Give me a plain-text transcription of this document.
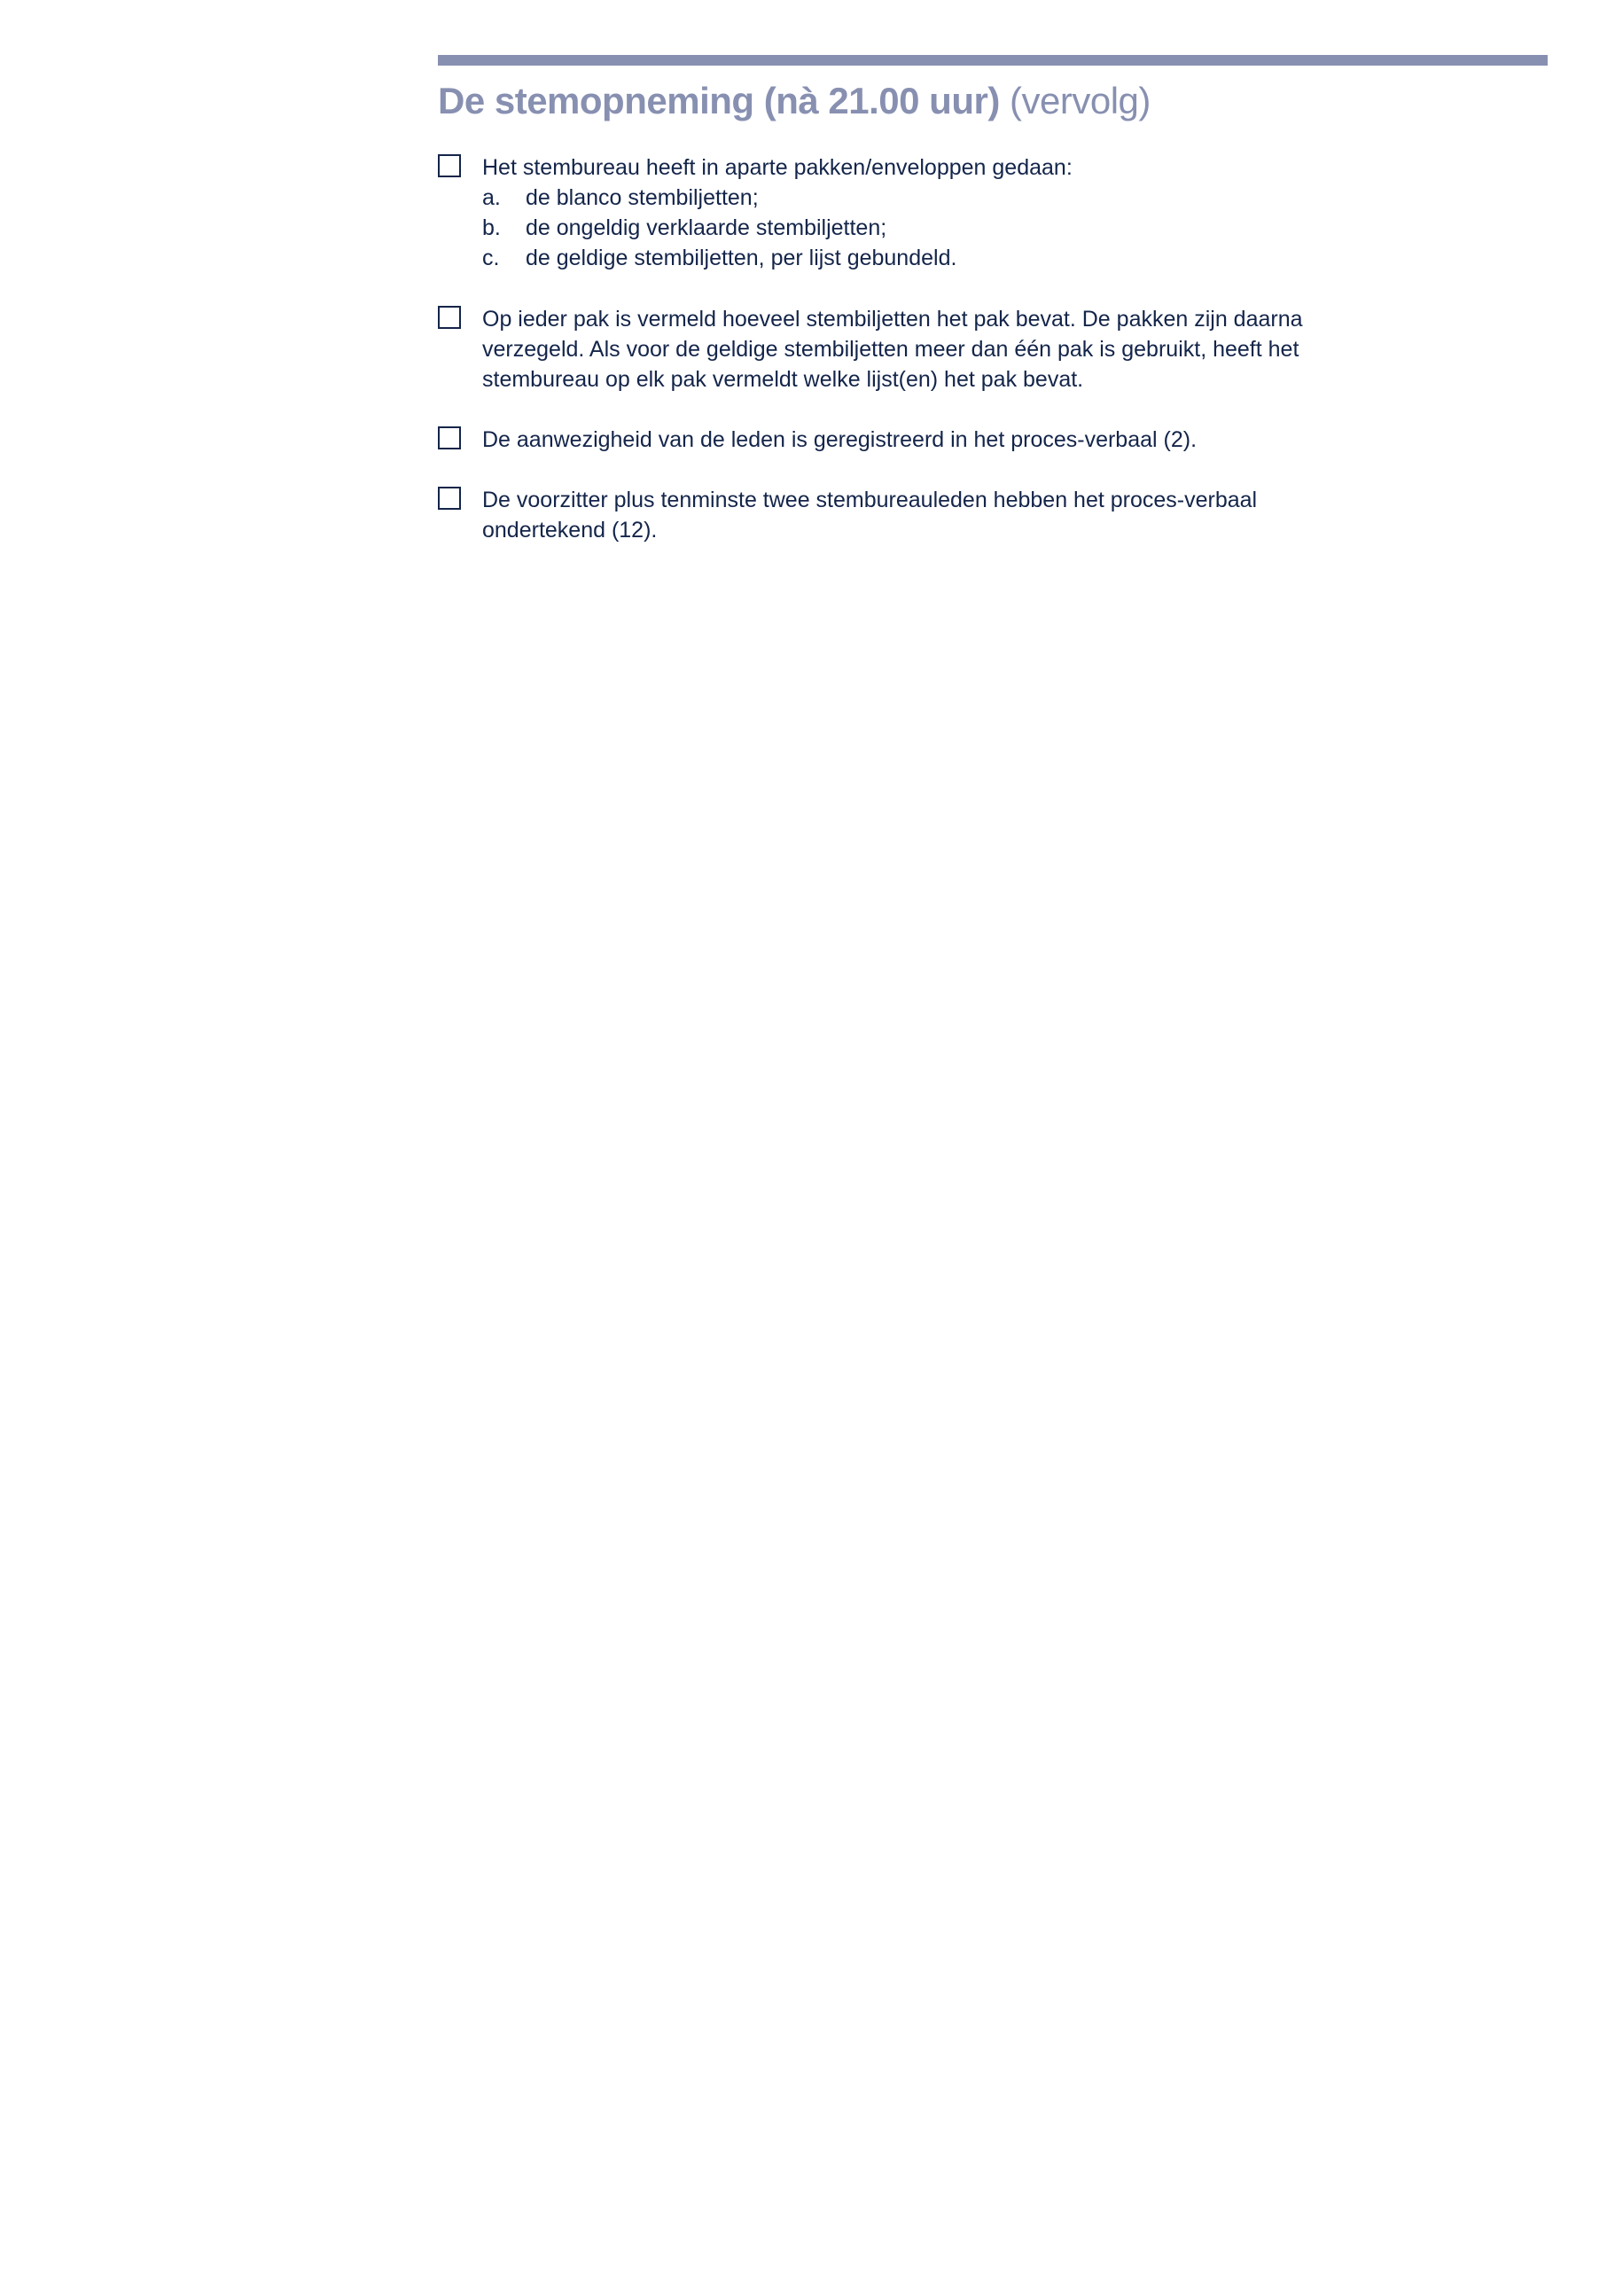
De stemopneming (nà 21.00 uur) (vervolg)
Het stembureau heeft in aparte pakken/enveloppen gedaan:
a. de blanco stembiljetten;
b. de ongeldig verklaarde stembiljetten;
c. de geldige stembiljetten, per lijst gebundeld.
Op ieder pak is vermeld hoeveel stembiljetten het pak bevat. De pakken zijn daarna
verzegeld. Als voor de geldige stembiljetten meer dan één pak is gebruikt, heeft het
stembureau op elk pak vermeldt welke lijst(en) het pak bevat.
De aanwezigheid van de leden is geregistreerd in het proces-verbaal (2).
De voorzitter plus tenminste twee stembureauleden hebben het proces-verbaal
ondertekend (12).
